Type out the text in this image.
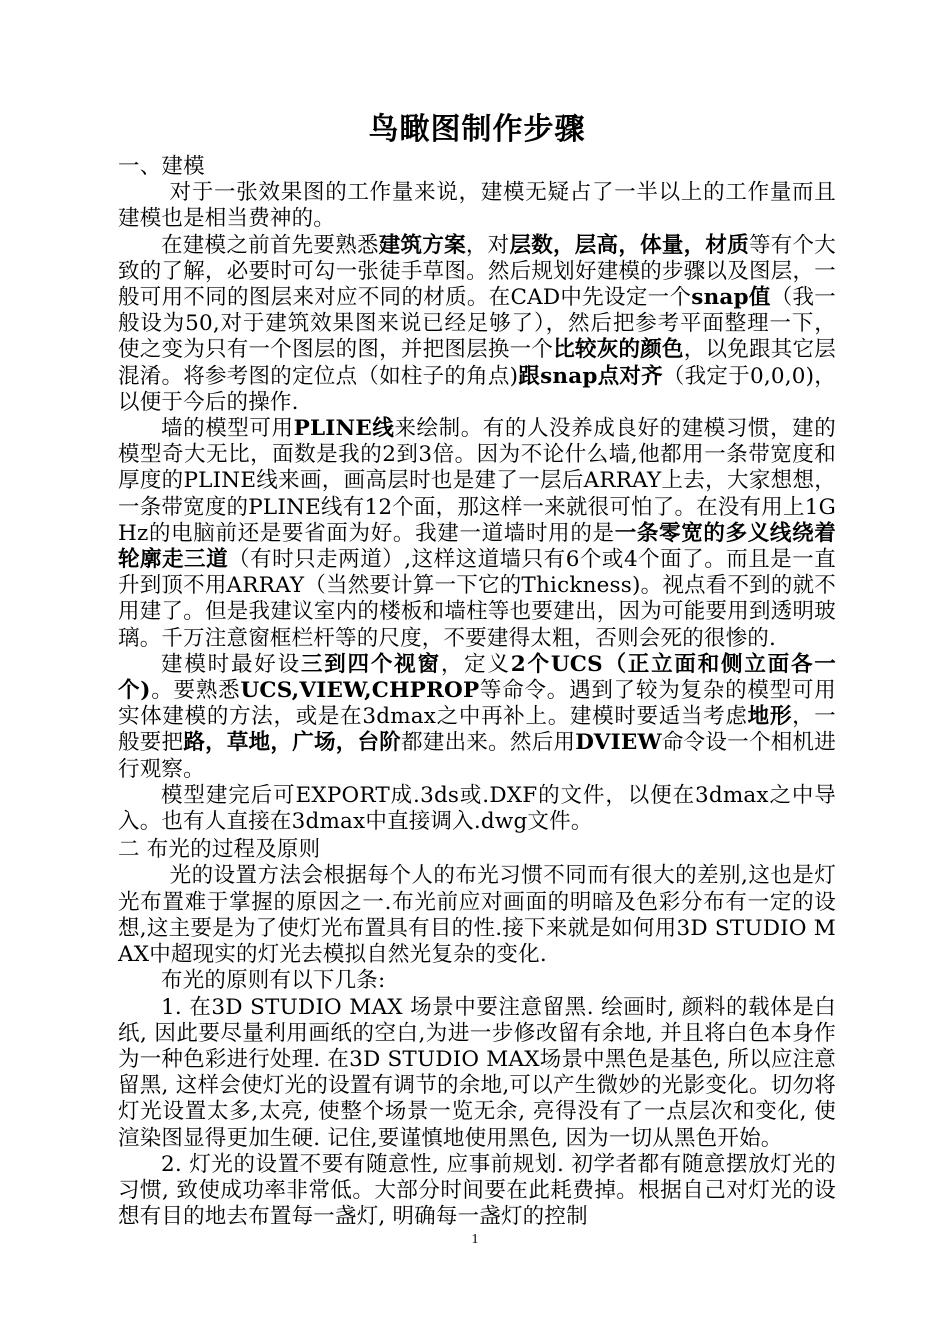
鸟瞰图制作步骤
一、建模

对于一张效果图的工作量来说，建模无疑占了一半以上的工作量而且建模也是相当费神的。

在建模之前首先要熟悉建筑方案，对层数，层高，体量，材质等有个大致的了解，必要时可勾一张徒手草图。然后规划好建模的步骤以及图层，一般可用不同的图层来对应不同的材质。在CAD中先设定一个snap值（我一般设为50,对于建筑效果图来说已经足够了），然后把参考平面整理一下，使之变为只有一个图层的图，并把图层换一个比较灰的颜色，以免跟其它层混淆。将参考图的定位点（如柱子的角点)跟snap点对齐（我定于0,0,0)，以便于今后的操作.

墙的模型可用PLINE线来绘制。有的人没养成良好的建模习惯，建的模型奇大无比，面数是我的2到3倍。因为不论什么墙,他都用一条带宽度和厚度的PLINE线来画，画高层时也是建了一层后ARRAY上去，大家想想，一条带宽度的PLINE线有12个面，那这样一来就很可怕了。在没有用上1GHz的电脑前还是要省面为好。我建一道墙时用的是一条零宽的多义线绕着轮廓走三道（有时只走两道）,这样这道墙只有6个或4个面了。而且是一直升到顶不用ARRAY（当然要计算一下它的Thickness)。视点看不到的就不用建了。但是我建议室内的楼板和墙柱等也要建出，因为可能要用到透明玻璃。千万注意窗框栏杆等的尺度，不要建得太粗，否则会死的很惨的.

建模时最好设三到四个视窗，定义2个UCS（正立面和侧立面各一个)。要熟悉UCS,VIEW,CHPROP等命令。遇到了较为复杂的模型可用实体建模的方法，或是在3dmax之中再补上。建模时要适当考虑地形，一般要把路，草地，广场，台阶都建出来。然后用DVIEW命令设一个相机进行观察。

模型建完后可EXPORT成.3ds或.DXF的文件，以便在3dmax之中导入。也有人直接在3dmax中直接调入.dwg文件。

二 布光的过程及原则

光的设置方法会根据每个人的布光习惯不同而有很大的差别,这也是灯光布置难于掌握的原因之一.布光前应对画面的明暗及色彩分布有一定的设想,这主要是为了使灯光布置具有目的性.接下来就是如何用3D STUDIO MAX中超现实的灯光去模拟自然光复杂的变化.

布光的原则有以下几条:

1. 在3D STUDIO MAX 场景中要注意留黑. 绘画时, 颜料的载体是白纸, 因此要尽量利用画纸的空白,为进一步修改留有余地, 并且将白色本身作为一种色彩进行处理. 在3D STUDIO MAX场景中黑色是基色, 所以应注意留黑, 这样会使灯光的设置有调节的余地,可以产生微妙的光影变化。切勿将灯光设置太多,太亮, 使整个场景一览无余, 亮得没有了一点层次和变化, 使渲染图显得更加生硬. 记住,要谨慎地使用黑色, 因为一切从黑色开始。

2. 灯光的设置不要有随意性, 应事前规划. 初学者都有随意摆放灯光的习惯, 致使成功率非常低。大部分时间要在此耗费掉。根据自己对灯光的设想有目的地去布置每一盏灯, 明确每一盏灯的控制

1
